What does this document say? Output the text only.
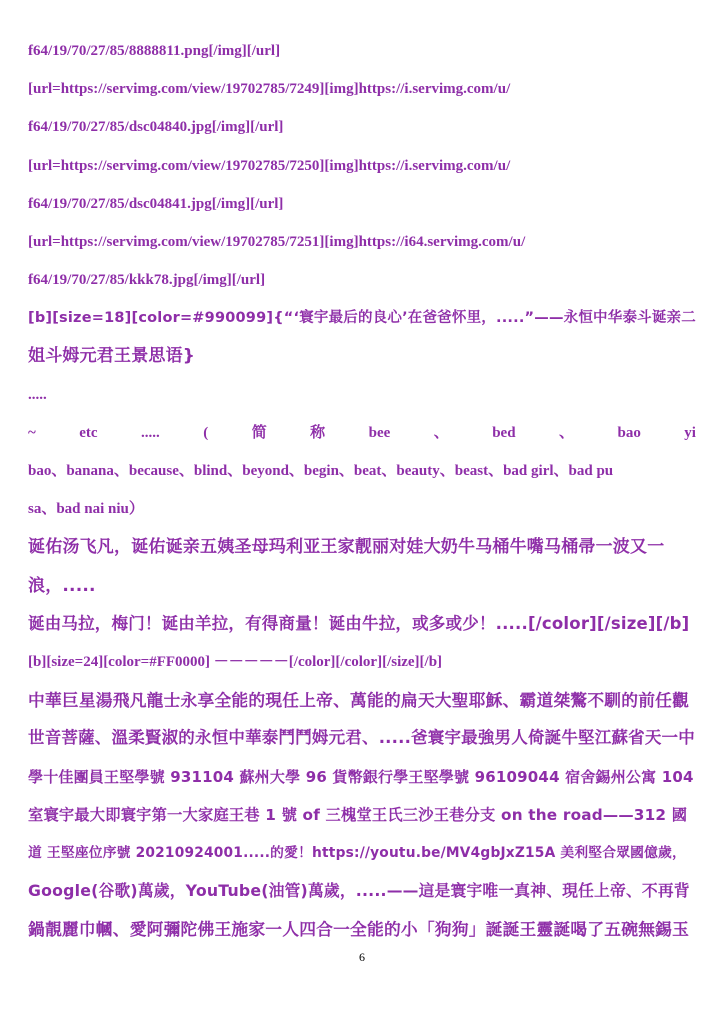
f64/19/70/27/85/8888811.png[/img][/url]
[url=https://servimg.com/view/19702785/7249][img]https://i.servimg.com/u/
f64/19/70/27/85/dsc04840.jpg[/img][/url]
[url=https://servimg.com/view/19702785/7250][img]https://i.servimg.com/u/
f64/19/70/27/85/dsc04841.jpg[/img][/url]
[url=https://servimg.com/view/19702785/7251][img]https://i64.servimg.com/u/
f64/19/70/27/85/kkk78.jpg[/img][/url]
[b][size=18][color=#990099]{“‘寰宇最后的良心’在爸爸怀里，.....”——永恒中华泰斗诞亲二
姐斗姆元君王景思语}
.....
~	etc	.....	(	简	称	bee	、	bed	、	bao	yi
bao、banana、because、blind、beyond、begin、beat、beauty、beast、bad girl、bad pu
sa、bad nai niu）
诞佑汤飞凡，诞佑诞亲五姨圣母玛利亚王家靓丽对娃大奶牛马桶牛嘴马桶帚一波又一
浪，.....
诞由马拉，梅门！诞由羊拉，有得商量！诞由牛拉，或多或少！.....[/color][/size][/b]
[b][size=24][color=#FF0000] －－－－－[/color][/color][/size][/b]
中華巨星湯飛凡龍士永享全能的現任上帝、萬能的扁天大聖耶穌、霸道桀驁不馴的前任觀
世音菩薩、溫柔賢淑的永恒中華泰鬥鬥姆元君、.....爸寰宇最強男人倚誕牛堅江蘇省天一中
學十佳團員王堅學號 931104 蘇州大學 96 貨幣銀行學王堅學號 96109044 宿舍錫州公寓 104
室寰宇最大即寰宇第一大家庭王巷 1 號 of 三槐堂王氏三沙王巷分支 on the road——312 國
道 王堅座位序號 20210924001.....的愛！https://youtu.be/MV4gbJxZ15A 美利堅合眾國億歲，
Google(谷歌)萬歲，YouTube(油管)萬歲，.....——這是寰宇唯一真神、現任上帝、不再背
鍋靚麗巾幗、愛阿彌陀佛王施家一人四合一全能的小「狗狗」誕誕王靈誕喝了五碗無錫玉
6
